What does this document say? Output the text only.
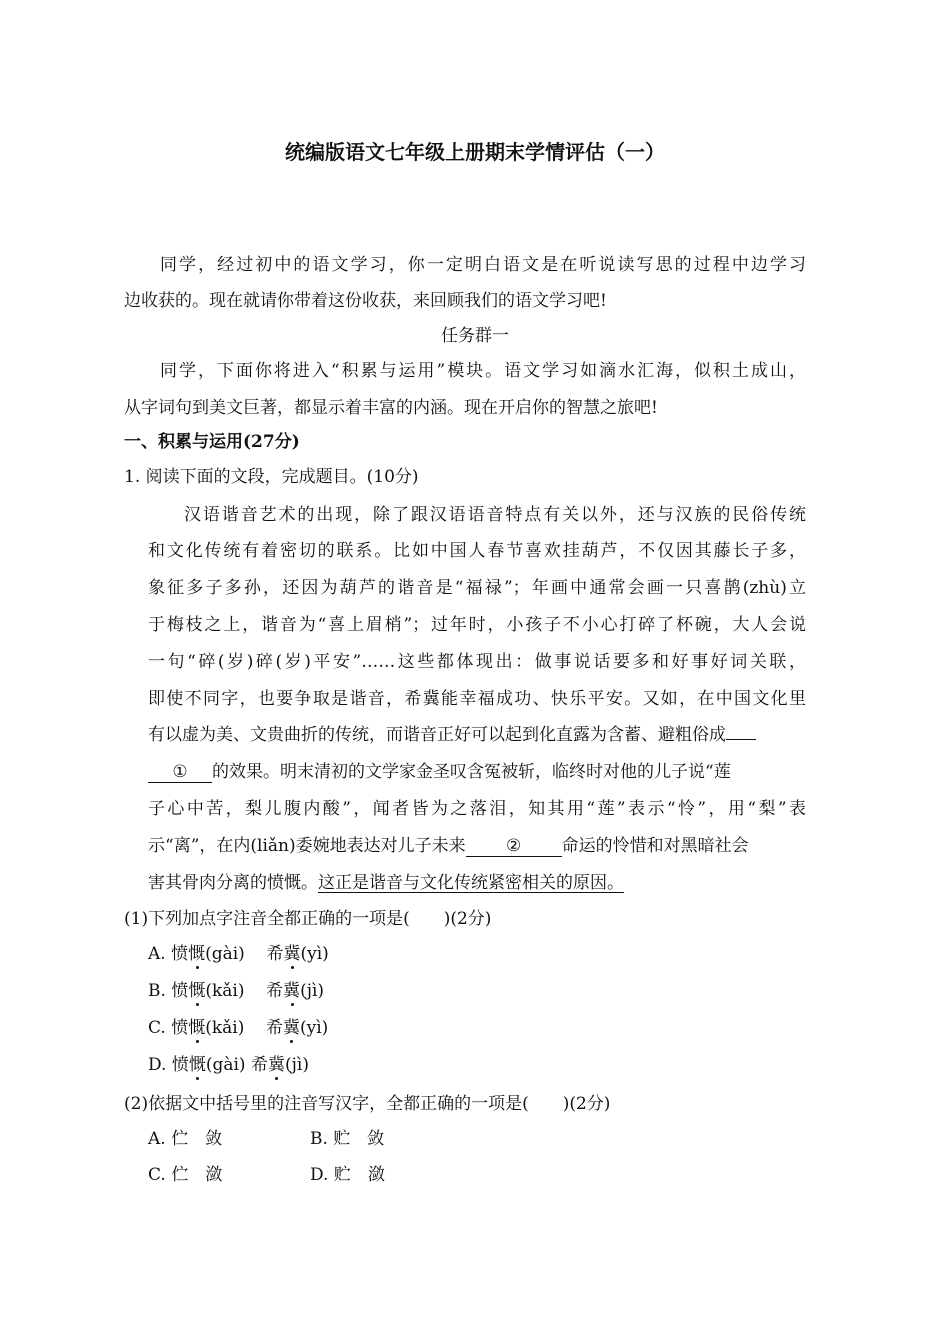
统编版语文七年级上册期末学情评估（一）
同学，经过初中的语文学习，你一定明白语文是在听说读写思的过程中边学习
边收获的。现在就请你带着这份收获，来回顾我们的语文学习吧!
任务群一
同学，下面你将进入“积累与运用”模块。语文学习如滴水汇海，似积土成山，
从字词句到美文巨著，都显示着丰富的内涵。现在开启你的智慧之旅吧!
一、积累与运用(27分)
1. 阅读下面的文段，完成题目。(10分)
汉语谐音艺术的出现，除了跟汉语语音特点有关以外，还与汉族的民俗传统
和文化传统有着密切的联系。比如中国人春节喜欢挂葫芦，不仅因其藤长子多，
象征多子多孙，还因为葫芦的谐音是“福禄”；年画中通常会画一只喜鹊(zhù)立
于梅枝之上，谐音为“喜上眉梢”；过年时，小孩子不小心打碎了杯碗，大人会说
一句“碎(岁)碎(岁)平安”……这些都体现出：做事说话要多和好事好词关联，
即使不同字，也要争取是谐音，希冀能幸福成功、快乐平安。又如，在中国文化里
有以虚为美、文贵曲折的传统，而谐音正好可以起到化直露为含蓄、避粗俗成
① 的效果。明末清初的文学家金圣叹含冤被斩，临终时对他的儿子说“莲
子心中苦，梨儿腹内酸”，闻者皆为之落泪，知其用“莲”表示“怜”，用“梨”表
示“离”，在内(liǎn)委婉地表达对儿子未来 ② 命运的怜惜和对黑暗社会
害其骨肉分离的愤慨。这正是谐音与文化传统紧密相关的原因。
(1)下列加点字注音全都正确的一项是(　　)(2分)
A. 愤慨(gài) 希冀(yì)
B. 愤慨(kǎi) 希冀(jì)
C. 愤慨(kǎi) 希冀(yì)
D. 愤慨(gài) 希冀(jì)
(2)依据文中括号里的注音写汉字，全都正确的一项是(　　)(2分)
A. 伫　敛	B. 贮　敛
C. 伫　潋	D. 贮　潋
